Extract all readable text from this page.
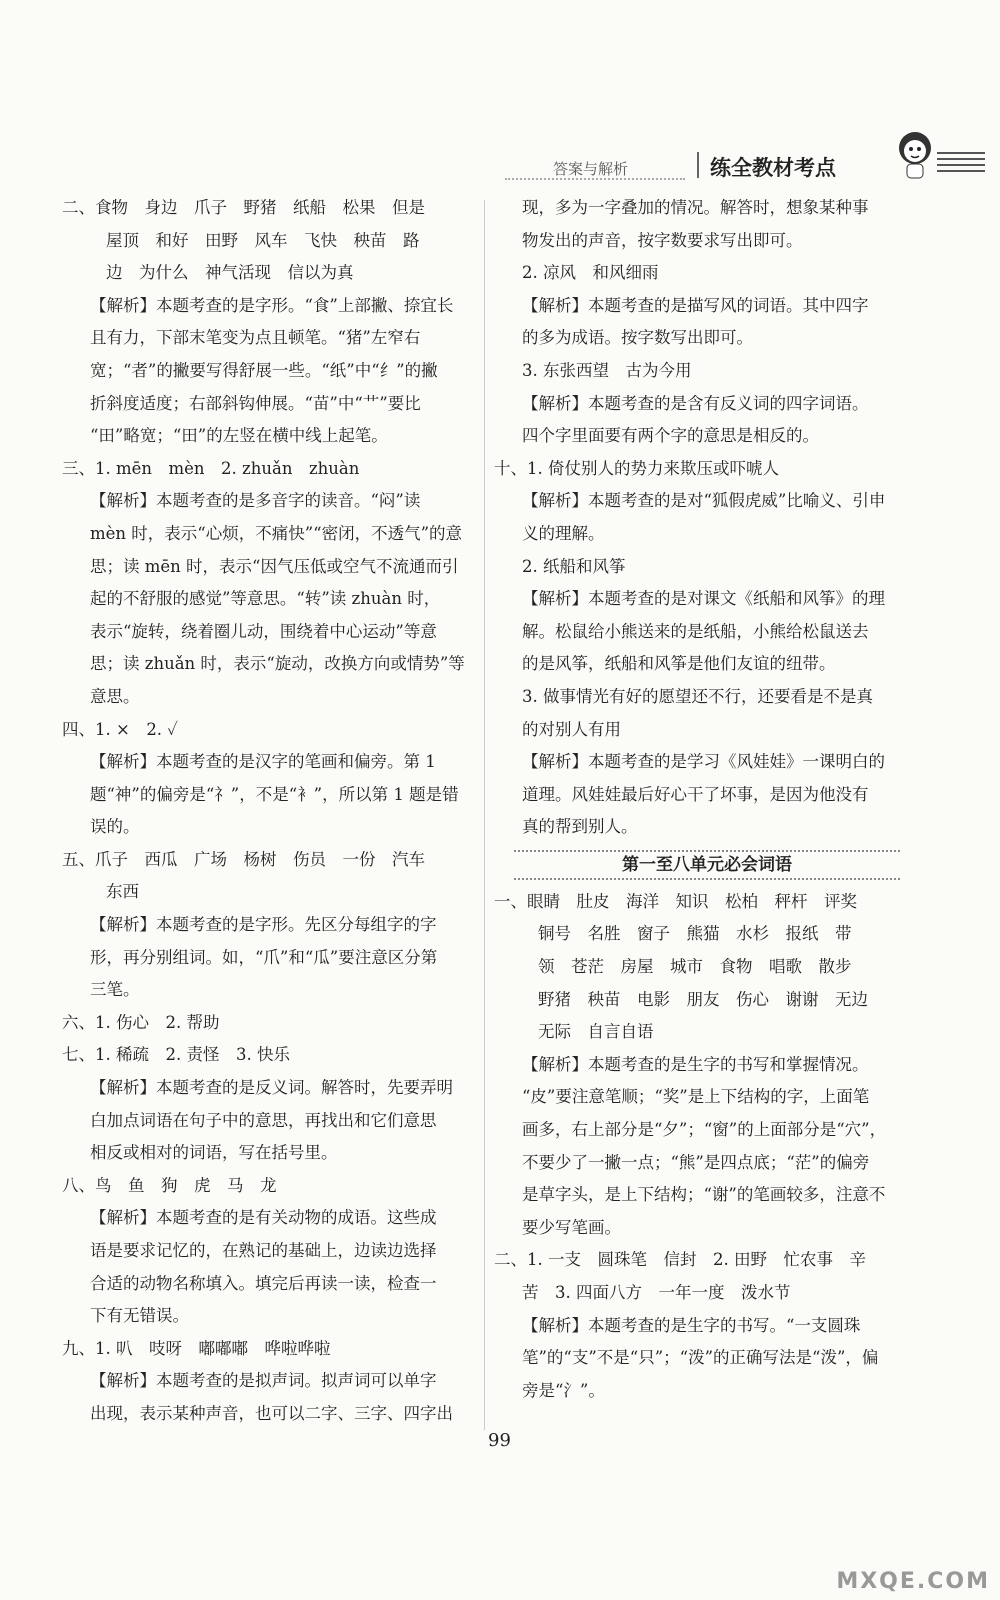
答案与解析	练全教材考点
二、食物　身边　爪子　野猪　纸船　松果　但是
屋顶　和好　田野　风车　飞快　秧苗　路
边　为什么　神气活现　信以为真
【解析】本题考查的是字形。“食”上部撇、捺宜长
且有力，下部末笔变为点且顿笔。“猪”左窄右
宽；“者”的撇要写得舒展一些。“纸”中“纟”的撇
折斜度适度；右部斜钩伸展。“苗”中“艹”要比
“田”略宽；“田”的左竖在横中线上起笔。
三、1. mēn　mèn　2. zhuǎn　zhuàn
【解析】本题考查的是多音字的读音。“闷”读
mèn 时，表示“心烦，不痛快”“密闭，不透气”的意
思；读 mēn 时，表示“因气压低或空气不流通而引
起的不舒服的感觉”等意思。“转”读 zhuàn 时，
表示“旋转，绕着圈儿动，围绕着中心运动”等意
思；读 zhuǎn 时，表示“旋动，改换方向或情势”等
意思。
四、1. ×　2. ✓
【解析】本题考查的是汉字的笔画和偏旁。第 1
题“神”的偏旁是“礻”，不是“衤”，所以第 1 题是错
误的。
五、爪子　西瓜　广场　杨树　伤员　一份　汽车
东西
【解析】本题考查的是字形。先区分每组字的字
形，再分别组词。如，“爪”和“瓜”要注意区分第
三笔。
六、1. 伤心　2. 帮助
七、1. 稀疏　2. 责怪　3. 快乐
【解析】本题考查的是反义词。解答时，先要弄明
白加点词语在句子中的意思，再找出和它们意思
相反或相对的词语，写在括号里。
八、鸟　鱼　狗　虎　马　龙
【解析】本题考查的是有关动物的成语。这些成
语是要求记忆的，在熟记的基础上，边读边选择
合适的动物名称填入。填完后再读一读，检查一
下有无错误。
九、1. 叭　吱呀　嘟嘟嘟　哗啦哗啦
【解析】本题考查的是拟声词。拟声词可以单字
出现，表示某种声音，也可以二字、三字、四字出
现，多为一字叠加的情况。解答时，想象某种事
物发出的声音，按字数要求写出即可。
2. 凉风　和风细雨
【解析】本题考查的是描写风的词语。其中四字
的多为成语。按字数写出即可。
3. 东张西望　古为今用
【解析】本题考查的是含有反义词的四字词语。
四个字里面要有两个字的意思是相反的。
十、1. 倚仗别人的势力来欺压或吓唬人
【解析】本题考查的是对“狐假虎威”比喻义、引申
义的理解。
2. 纸船和风筝
【解析】本题考查的是对课文《纸船和风筝》的理
解。松鼠给小熊送来的是纸船，小熊给松鼠送去
的是风筝，纸船和风筝是他们友谊的纽带。
3. 做事情光有好的愿望还不行，还要看是不是真
的对别人有用
【解析】本题考查的是学习《风娃娃》一课明白的
道理。风娃娃最后好心干了坏事，是因为他没有
真的帮到别人。
第一至八单元必会词语
一、眼睛　肚皮　海洋　知识　松柏　秤杆　评奖
铜号　名胜　窗子　熊猫　水杉　报纸　带
领　苍茫　房屋　城市　食物　唱歌　散步
野猪　秧苗　电影　朋友　伤心　谢谢　无边
无际　自言自语
【解析】本题考查的是生字的书写和掌握情况。
“皮”要注意笔顺；“奖”是上下结构的字，上面笔
画多，右上部分是“夕”；“窗”的上面部分是“穴”，
不要少了一撇一点；“熊”是四点底；“茫”的偏旁
是草字头，是上下结构；“谢”的笔画较多，注意不
要少写笔画。
二、1. 一支　圆珠笔　信封　2. 田野　忙农事　辛
苦　3. 四面八方　一年一度　泼水节
【解析】本题考查的是生字的书写。“一支圆珠
笔”的“支”不是“只”；“泼”的正确写法是“泼”，偏
旁是“氵”。
99
MXQE.COM
